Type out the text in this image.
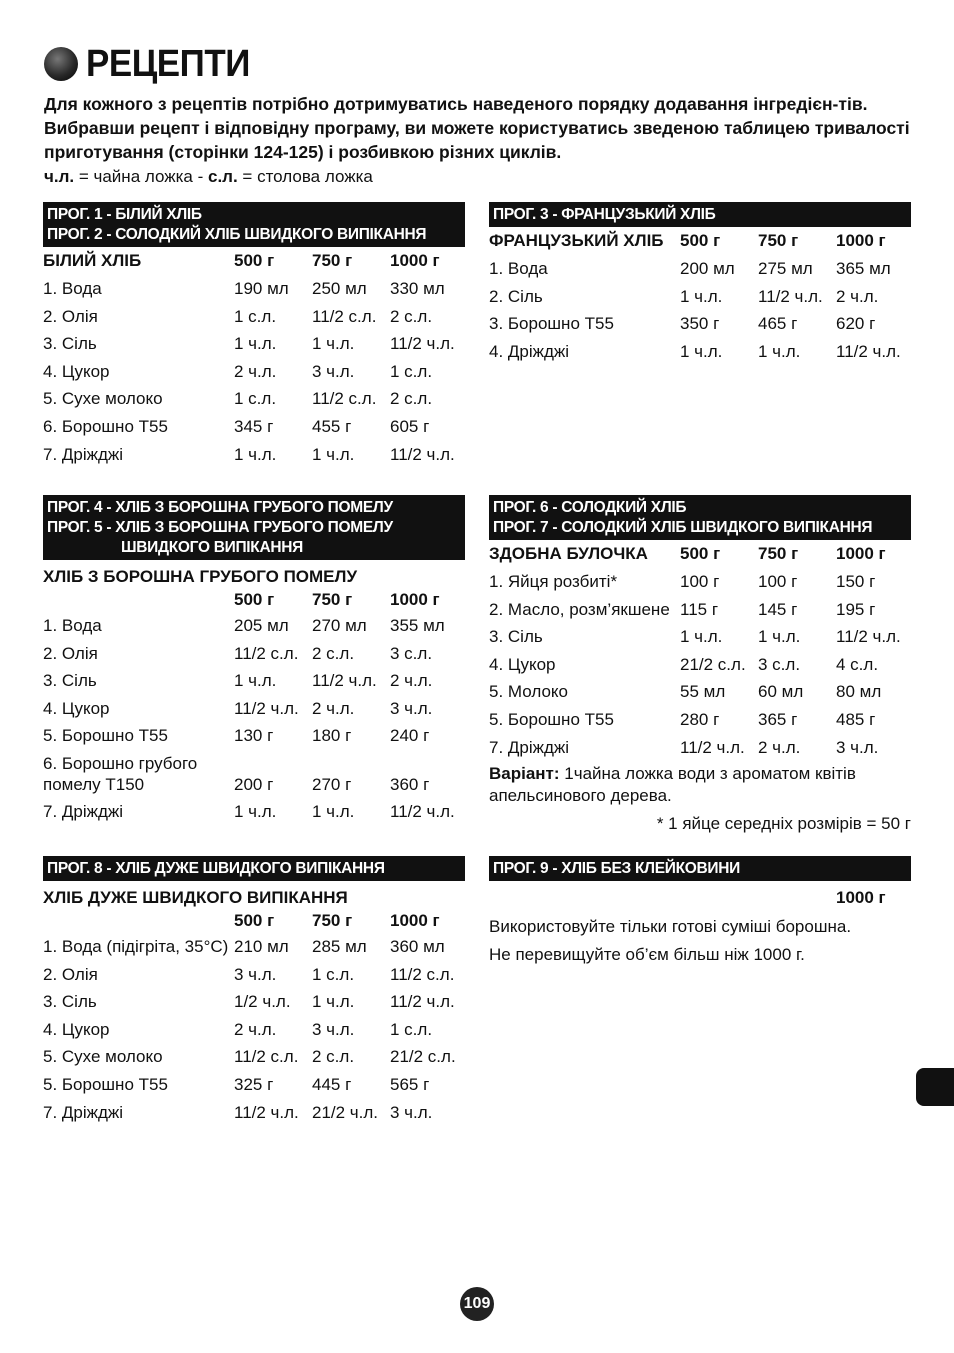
РЕЦЕПТИ
Для кожного з рецептів потрібно дотримуватись наведеного порядку додавання інгредієн-тів. Вибравши рецепт і відповідну програму, ви можете користуватись зведеною таблицею тривалості приготування (сторінки 124-125) і розбивкою різних циклів.
ч.л. = чайна ложка - с.л. = столова ложка
ПРОГ. 1 - БІЛИЙ ХЛІБ
ПРОГ. 2 - СОЛОДКИЙ ХЛІБ ШВИДКОГО ВИПІКАННЯ
БІЛИЙ ХЛІБ	500 г 750 г 1000 г
1. Вода	190 мл 250 мл 330 мл
2. Олія	1 с.л. 11/2 с.л. 2 с.л.
3. Сіль	1 ч.л. 1 ч.л. 11/2 ч.л.
4. Цукор	2 ч.л. 3 ч.л. 1 с.л.
5. Сухе молоко	1 с.л. 11/2 с.л. 2 с.л.
6. Борошно Т55	345 г 455 г 605 г
7. Дріжджі	1 ч.л. 1 ч.л. 11/2 ч.л.
ПРОГ. 3 - ФРАНЦУЗЬКИЙ ХЛІБ
ФРАНЦУЗЬКИЙ ХЛІБ 500 г 750 г 1000 г
1. Вода	200 мл 275 мл 365 мл
2. Сіль	1 ч.л. 11/2 ч.л. 2 ч.л.
3. Борошно Т55	350 г 465 г 620 г
4. Дріжджі	1 ч.л. 1 ч.л. 11/2 ч.л.
ПРОГ. 4 - ХЛІБ З БОРОШНА ГРУБОГО ПОМЕЛУ
ПРОГ. 5 - ХЛІБ З БОРОШНА ГРУБОГО ПОМЕЛУ
ШВИДКОГО ВИПІКАННЯ
ХЛІБ З БОРОШНА ГРУБОГО ПОМЕЛУ
500 г 750 г 1000 г
1. Вода	205 мл 270 мл 355 мл
2. Олія	11/2 с.л. 2 с.л. 3 с.л.
3. Сіль	1 ч.л. 11/2 ч.л. 2 ч.л.
4. Цукор	11/2 ч.л. 2 ч.л. 3 ч.л.
5. Борошно Т55	130 г 180 г 240 г
6. Борошно грубого помелу Т150	200 г 270 г 360 г
7. Дріжджі	1 ч.л. 1 ч.л. 11/2 ч.л.
ПРОГ. 6 - СОЛОДКИЙ ХЛІБ
ПРОГ. 7 - СОЛОДКИЙ ХЛІБ ШВИДКОГО ВИПІКАННЯ
ЗДОБНА БУЛОЧКА 500 г 750 г 1000 г
1. Яйця розбиті*	100 г 100 г 150 г
2. Масло, розм’якшене 115 г 145 г 195 г
3. Сіль	1 ч.л. 1 ч.л. 11/2 ч.л.
4. Цукор	21/2 с.л. 3 с.л. 4 с.л.
5. Молоко	55 мл 60 мл 80 мл
5. Борошно Т55	280 г 365 г 485 г
7. Дріжджі	11/2 ч.л. 2 ч.л. 3 ч.л.
Варіант: 1чайна ложка води з ароматом квітів апельсинового дерева.
* 1 яйце середніх розмірів = 50 г
ПРОГ. 8 - ХЛІБ ДУЖЕ ШВИДКОГО ВИПІКАННЯ
ХЛІБ ДУЖЕ ШВИДКОГО ВИПІКАННЯ
500 г 750 г 1000 г
1. Вода (підігріта, 35°C) 210 мл 285 мл 360 мл
2. Олія	3 ч.л. 1 с.л. 11/2 с.л.
3. Сіль	1/2 ч.л. 1 ч.л. 11/2 ч.л.
4. Цукор	2 ч.л. 3 ч.л. 1 с.л.
5. Сухе молоко	11/2 с.л. 2 с.л. 21/2 с.л.
5. Борошно Т55	325 г 445 г 565 г
7. Дріжджі	11/2 ч.л. 21/2 ч.л. 3 ч.л.
ПРОГ. 9 - ХЛІБ БЕЗ КЛЕЙКОВИНИ
1000 г
Використовуйте тільки готові суміші борошна.
Не перевищуйте об’єм більш ніж 1000 г.
109
